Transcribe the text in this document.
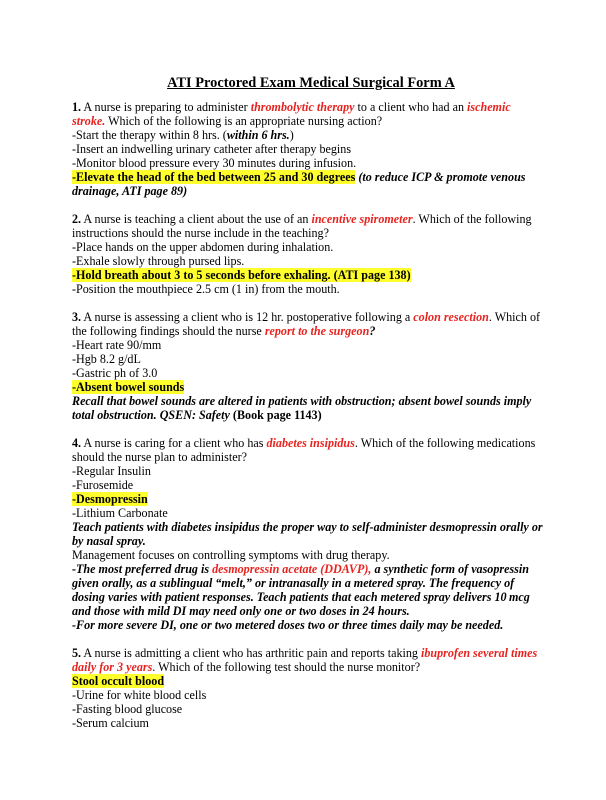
ATI Proctored Exam Medical Surgical Form A
1. A nurse is preparing to administer thrombolytic therapy to a client who had an ischemic stroke. Which of the following is an appropriate nursing action?
-Start the therapy within 8 hrs. (within 6 hrs.)
-Insert an indwelling urinary catheter after therapy begins
-Monitor blood pressure every 30 minutes during infusion.
-Elevate the head of the bed between 25 and 30 degrees (to reduce ICP & promote venous drainage, ATI page 89)
2. A nurse is teaching a client about the use of an incentive spirometer. Which of the following instructions should the nurse include in the teaching?
-Place hands on the upper abdomen during inhalation.
-Exhale slowly through pursed lips.
-Hold breath about 3 to 5 seconds before exhaling. (ATI page 138)
-Position the mouthpiece 2.5 cm (1 in) from the mouth.
3. A nurse is assessing a client who is 12 hr. postoperative following a colon resection. Which of the following findings should the nurse report to the surgeon?
-Heart rate 90/mm
-Hgb 8.2 g/dL
-Gastric ph of 3.0
-Absent bowel sounds
Recall that bowel sounds are altered in patients with obstruction; absent bowel sounds imply total obstruction. QSEN: Safety (Book page 1143)
4. A nurse is caring for a client who has diabetes insipidus. Which of the following medications should the nurse plan to administer?
-Regular Insulin
-Furosemide
-Desmopressin
-Lithium Carbonate
Teach patients with diabetes insipidus the proper way to self-administer desmopressin orally or by nasal spray.
Management focuses on controlling symptoms with drug therapy.
-The most preferred drug is desmopressin acetate (DDAVP), a synthetic form of vasopressin given orally, as a sublingual “melt,” or intranasally in a metered spray. The frequency of dosing varies with patient responses. Teach patients that each metered spray delivers 10 mcg and those with mild DI may need only one or two doses in 24 hours.
-For more severe DI, one or two metered doses two or three times daily may be needed.
5. A nurse is admitting a client who has arthritic pain and reports taking ibuprofen several times daily for 3 years. Which of the following test should the nurse monitor?
Stool occult blood
-Urine for white blood cells
-Fasting blood glucose
-Serum calcium
